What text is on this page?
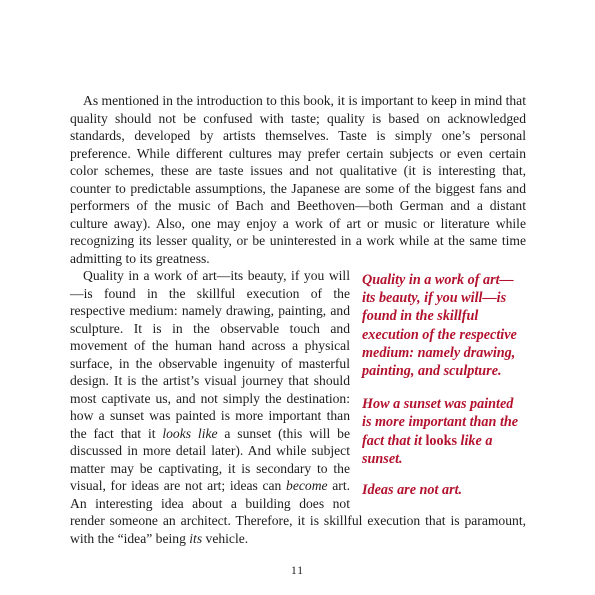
As mentioned in the introduction to this book, it is important to keep in mind that quality should not be confused with taste; quality is based on acknowledged standards, developed by artists themselves. Taste is simply one’s personal preference. While different cultures may prefer certain subjects or even certain color schemes, these are taste issues and not qualitative (it is interesting that, counter to predictable assumptions, the Japanese are some of the biggest fans and performers of the music of Bach and Beethoven—both German and a distant culture away). Also, one may enjoy a work of art or music or literature while recognizing its lesser quality, or be uninterested in a work while at the same time admitting to its greatness.

Quality in a work of art—its beauty, if you will—is found in the skillful execution of the respective medium: namely drawing, painting, and sculpture.

How a sunset was painted is more important than the fact that it looks like a sunset.

Ideas are not art.

Quality in a work of art—its beauty, if you will—is found in the skillful execution of the respective medium: namely drawing, painting, and sculpture. It is in the observable touch and movement of the human hand across a physical surface, in the observable ingenuity of masterful design. It is the artist’s visual journey that should most captivate us, and not simply the destination: how a sunset was painted is more important than the fact that it looks like a sunset (this will be discussed in more detail later). And while subject matter may be captivating, it is secondary to the visual, for ideas are not art; ideas can become art. An interesting idea about a building does not render someone an architect. Therefore, it is skillful execution that is paramount, with the “idea” being its vehicle.

11
